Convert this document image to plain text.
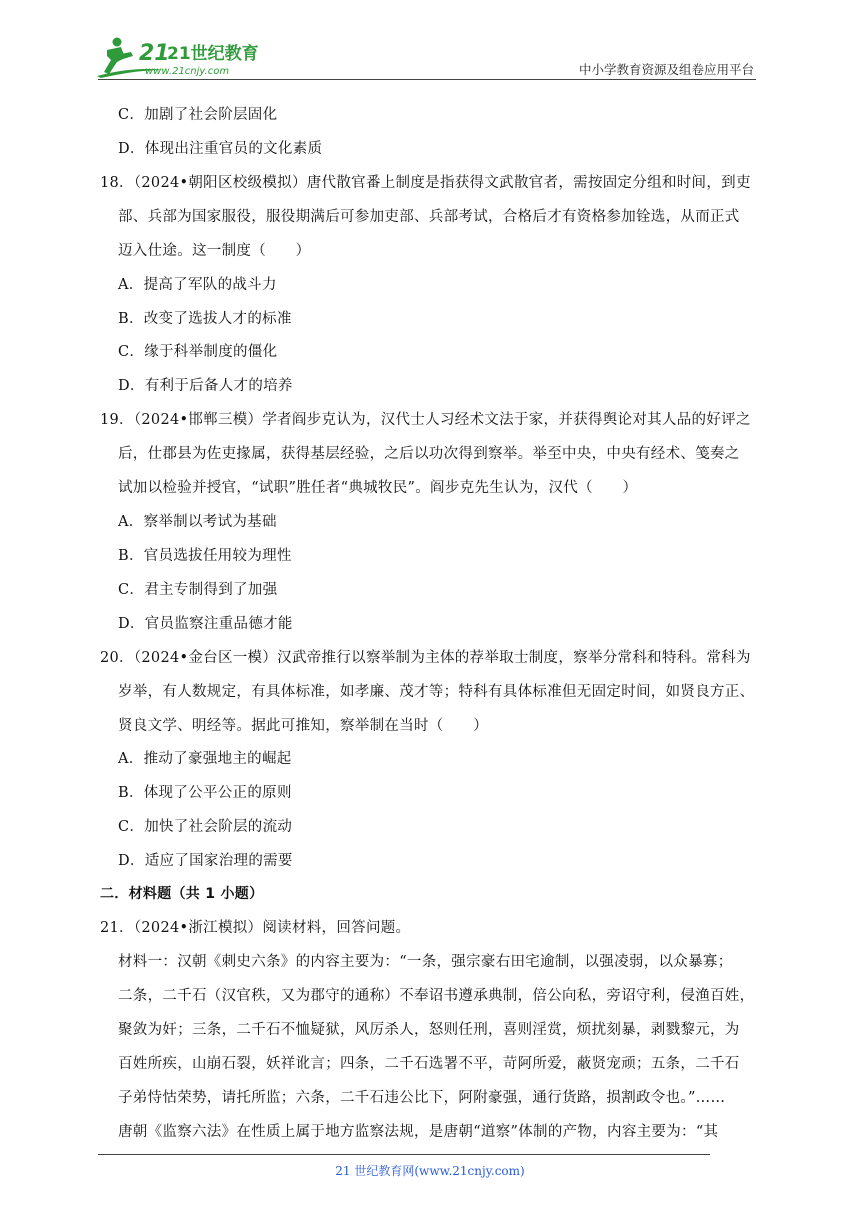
21
21世纪教育
www.21cnjy.com	中小学教育资源及组卷应用平台
C．加剧了社会阶层固化
D．体现出注重官员的文化素质
18．（2024•朝阳区校级模拟）唐代散官番上制度是指获得文武散官者，需按固定分组和时间，到吏
部、兵部为国家服役，服役期满后可参加吏部、兵部考试，合格后才有资格参加铨选，从而正式
迈入仕途。这一制度（　　）
A．提高了军队的战斗力
B．改变了选拔人才的标准
C．缘于科举制度的僵化
D．有利于后备人才的培养
19．（2024•邯郸三模）学者阎步克认为，汉代士人习经术文法于家，并获得舆论对其人品的好评之
后，仕郡县为佐吏掾属，获得基层经验，之后以功次得到察举。举至中央，中央有经术、笺奏之
试加以检验并授官，“试职”胜任者“典城牧民”。阎步克先生认为，汉代（　　）
A．察举制以考试为基础
B．官员选拔任用较为理性
C．君主专制得到了加强
D．官员监察注重品德才能
20．（2024•金台区一模）汉武帝推行以察举制为主体的荐举取士制度，察举分常科和特科。常科为
岁举，有人数规定，有具体标准，如孝廉、茂才等；特科有具体标准但无固定时间，如贤良方正、
贤良文学、明经等。据此可推知，察举制在当时（　　）
A．推动了豪强地主的崛起
B．体现了公平公正的原则
C．加快了社会阶层的流动
D．适应了国家治理的需要
二．材料题（共 1 小题）
21．（2024•浙江模拟）阅读材料，回答问题。
材料一：汉朝《刺史六条》的内容主要为：“一条，强宗豪右田宅逾制，以强凌弱，以众暴寡；
二条，二千石（汉官秩，又为郡守的通称）不奉诏书遵承典制，倍公向私，旁诏守利，侵渔百姓，
聚敛为奸；三条，二千石不恤疑狱，风厉杀人，怒则任刑，喜则淫赏，烦扰刻暴，剥戮黎元，为
百姓所疾，山崩石裂，妖祥讹言；四条，二千石选署不平，苛阿所爱，蔽贤宠顽；五条，二千石
子弟恃怙荣势，请托所监；六条，二千石违公比下，阿附豪强，通行货路，损割政令也。”……
唐朝《监察六法》在性质上属于地方监察法规，是唐朝“道察”体制的产物，内容主要为：“其
21 世纪教育网(www.21cnjy.com)
